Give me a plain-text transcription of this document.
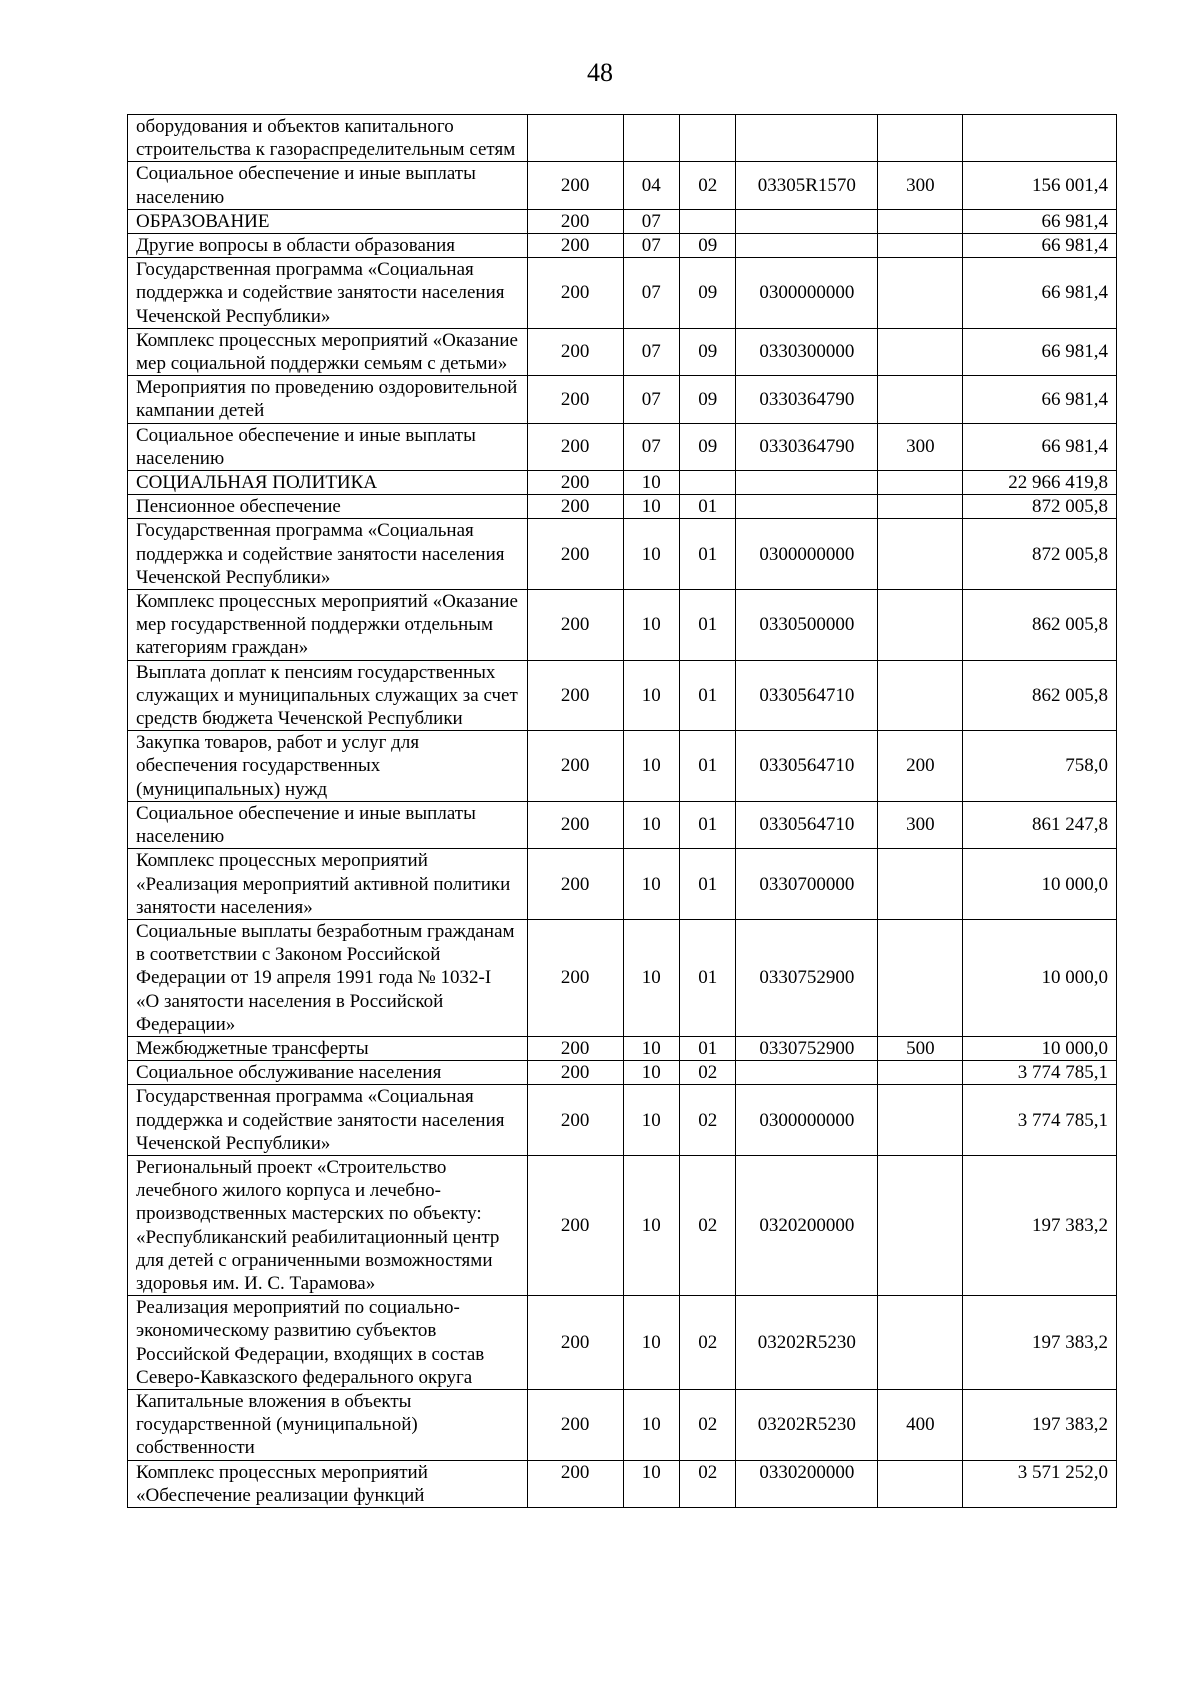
48
оборудования и объектов капитального строительства к газораспределительным сетям						
Социальное обеспечение и иные выплаты населению	200	04	02	03305R1570	300	156 001,4
ОБРАЗОВАНИЕ	200	07				66 981,4
Другие вопросы в области образования	200	07	09			66 981,4
Государственная программа «Социальная поддержка и содействие занятости населения Чеченской Республики»	200	07	09	0300000000		66 981,4
Комплекс процессных мероприятий «Оказание мер социальной поддержки семьям с детьми»	200	07	09	0330300000		66 981,4
Мероприятия по проведению оздоровительной кампании детей	200	07	09	0330364790		66 981,4
Социальное обеспечение и иные выплаты населению	200	07	09	0330364790	300	66 981,4
СОЦИАЛЬНАЯ ПОЛИТИКА	200	10				22 966 419,8
Пенсионное обеспечение	200	10	01			872 005,8
Государственная программа «Социальная поддержка и содействие занятости населения Чеченской Республики»	200	10	01	0300000000		872 005,8
Комплекс процессных мероприятий «Оказание мер государственной поддержки отдельным категориям граждан»	200	10	01	0330500000		862 005,8
Выплата доплат к пенсиям государственных служащих и муниципальных служащих за счет средств бюджета Чеченской Республики	200	10	01	0330564710		862 005,8
Закупка товаров, работ и услуг для обеспечения государственных (муниципальных) нужд	200	10	01	0330564710	200	758,0
Социальное обеспечение и иные выплаты населению	200	10	01	0330564710	300	861 247,8
Комплекс процессных мероприятий «Реализация мероприятий активной политики занятости населения»	200	10	01	0330700000		10 000,0
Социальные выплаты безработным гражданам в соответствии с Законом Российской Федерации от 19 апреля 1991 года № 1032-I «О занятости населения в Российской Федерации»	200	10	01	0330752900		10 000,0
Межбюджетные трансферты	200	10	01	0330752900	500	10 000,0
Социальное обслуживание населения	200	10	02			3 774 785,1
Государственная программа «Социальная поддержка и содействие занятости населения Чеченской Республики»	200	10	02	0300000000		3 774 785,1
Региональный проект «Строительство лечебного жилого корпуса и лечебно-производственных мастерских по объекту: «Республиканский реабилитационный центр для детей с ограниченными возможностями здоровья им. И. С. Тарамова»	200	10	02	0320200000		197 383,2
Реализация мероприятий по социально-экономическому развитию субъектов Российской Федерации, входящих в состав Северо-Кавказского федерального округа	200	10	02	03202R5230		197 383,2
Капитальные вложения в объекты государственной (муниципальной) собственности	200	10	02	03202R5230	400	197 383,2
Комплекс процессных мероприятий «Обеспечение реализации функций	200	10	02	0330200000		3 571 252,0
